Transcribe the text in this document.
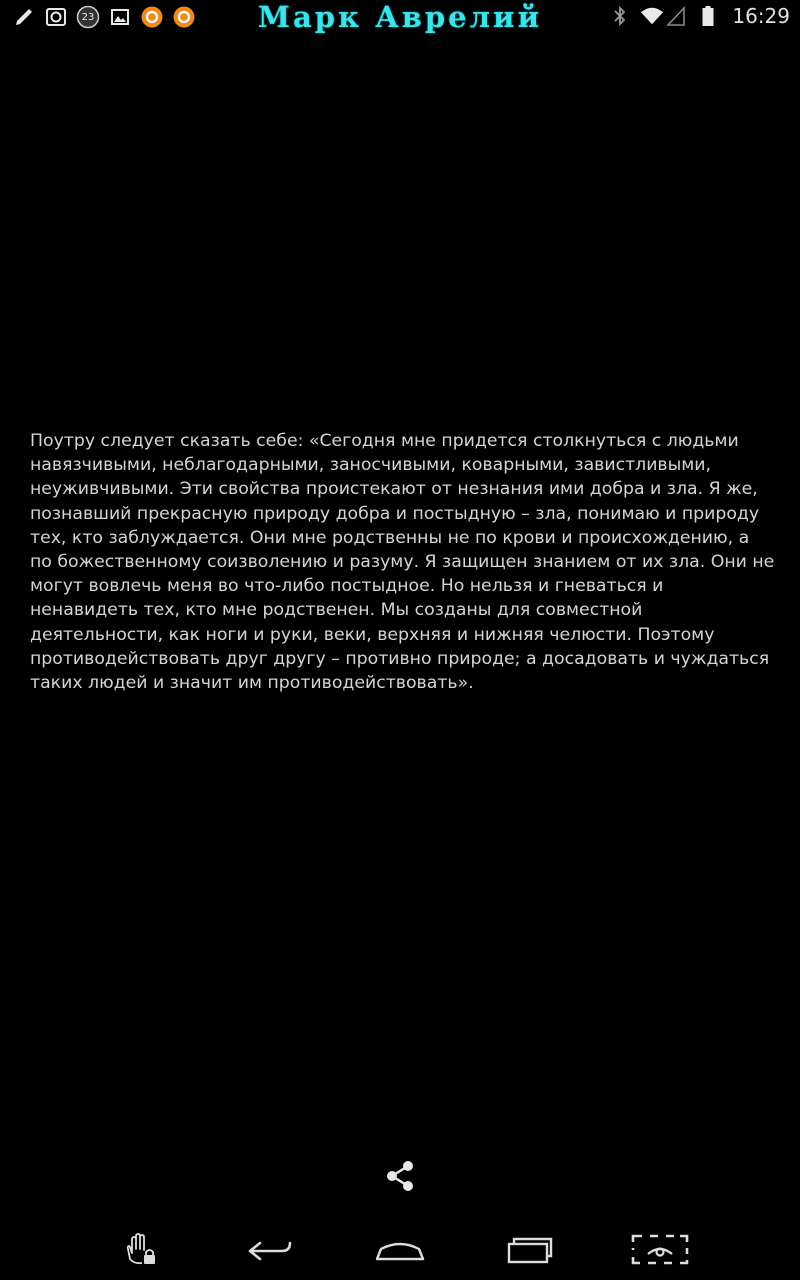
23	Марк Аврелий	16:29

Поутру следует сказать себе: «Сегодня мне придется столкнуться с людьми навязчивыми, неблагодарными, заносчивыми, коварными, завистливыми, неуживчивыми. Эти свойства проистекают от незнания ими добра и зла. Я же, познавший прекрасную природу добра и постыдную – зла, понимаю и природу тех, кто заблуждается. Они мне родственны не по крови и происхождению, а по божественному соизволению и разуму. Я защищен знанием от их зла. Они не могут вовлечь меня во что-либо постыдное. Но нельзя и гневаться и ненавидеть тех, кто мне родственен. Мы созданы для совместной деятельности, как ноги и руки, веки, верхняя и нижняя челюсти. Поэтому противодействовать друг другу – противно природе; а досадовать и чуждаться таких людей и значит им противодействовать».
